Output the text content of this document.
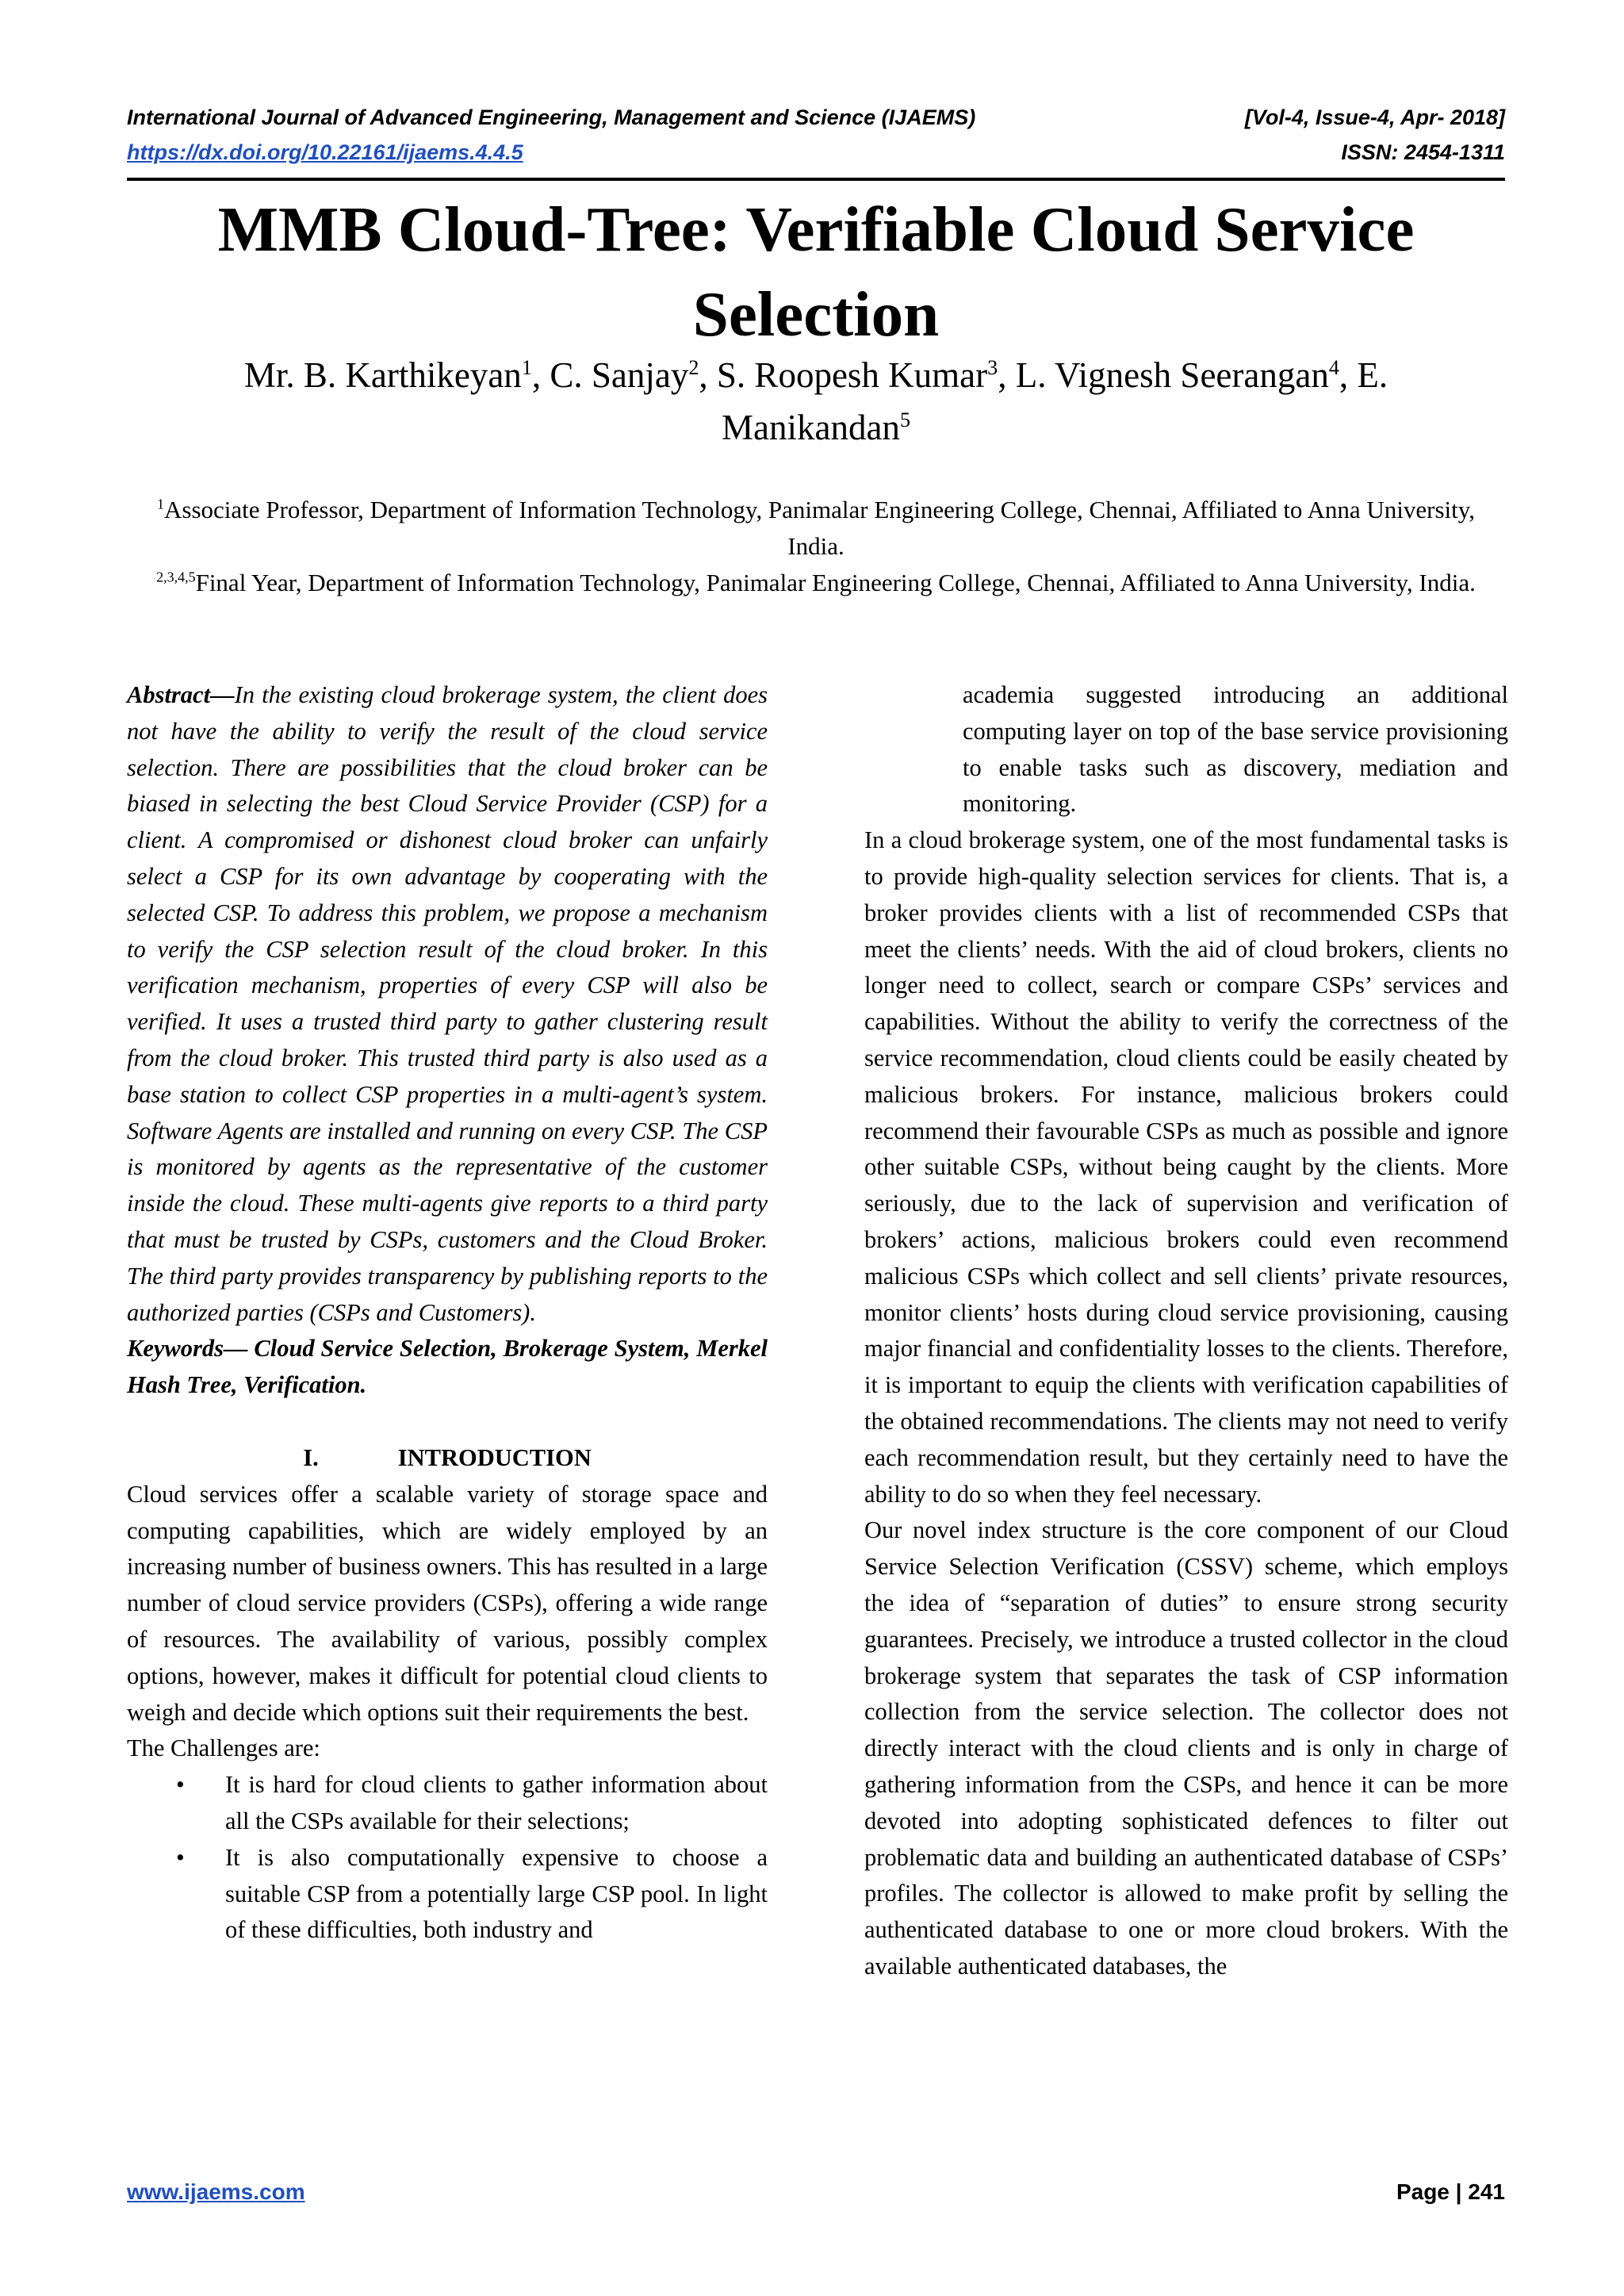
International Journal of Advanced Engineering, Management and Science (IJAEMS)	[Vol-4, Issue-4, Apr- 2018]
https://dx.doi.org/10.22161/ijaems.4.4.5	ISSN: 2454-1311
MMB Cloud-Tree: Verifiable Cloud Service Selection
Mr. B. Karthikeyan$^1$, C. Sanjay$^2$, S. Roopesh Kumar$^3$, L. Vignesh Seerangan$^4$, E. Manikandan$^5$

$^1$Associate Professor, Department of Information Technology, Panimalar Engineering College, Chennai, Affiliated to Anna University, India.

$^{2,3,4,5}$Final Year, Department of Information Technology, Panimalar Engineering College, Chennai, Affiliated to Anna University, India.

Abstract—In the existing cloud brokerage system, the client does not have the ability to verify the result of the cloud service selection. There are possibilities that the cloud broker can be biased in selecting the best Cloud Service Provider (CSP) for a client. A compromised or dishonest cloud broker can unfairly select a CSP for its own advantage by cooperating with the selected CSP. To address this problem, we propose a mechanism to verify the CSP selection result of the cloud broker. In this verification mechanism, properties of every CSP will also be verified. It uses a trusted third party to gather clustering result from the cloud broker. This trusted third party is also used as a base station to collect CSP properties in a multi-agent’s system. Software Agents are installed and running on every CSP. The CSP is monitored by agents as the representative of the customer inside the cloud. These multi-agents give reports to a third party that must be trusted by CSPs, customers and the Cloud Broker. The third party provides transparency by publishing reports to the authorized parties (CSPs and Customers).

Keywords— Cloud Service Selection, Brokerage System, Merkel Hash Tree, Verification.

I.	INTRODUCTION

Cloud services offer a scalable variety of storage space and computing capabilities, which are widely employed by an increasing number of business owners. This has resulted in a large number of cloud service providers (CSPs), offering a wide range of resources. The availability of various, possibly complex options, however, makes it difficult for potential cloud clients to weigh and decide which options suit their requirements the best.

The Challenges are:

• It is hard for cloud clients to gather information about all the CSPs available for their selections;
• It is also computationally expensive to choose a suitable CSP from a potentially large CSP pool. In light of these difficulties, both industry and

academia suggested introducing an additional computing layer on top of the base service provisioning to enable tasks such as discovery, mediation and monitoring.

In a cloud brokerage system, one of the most fundamental tasks is to provide high-quality selection services for clients. That is, a broker provides clients with a list of recommended CSPs that meet the clients’ needs. With the aid of cloud brokers, clients no longer need to collect, search or compare CSPs’ services and capabilities. Without the ability to verify the correctness of the service recommendation, cloud clients could be easily cheated by malicious brokers. For instance, malicious brokers could recommend their favourable CSPs as much as possible and ignore other suitable CSPs, without being caught by the clients. More seriously, due to the lack of supervision and verification of brokers’ actions, malicious brokers could even recommend malicious CSPs which collect and sell clients’ private resources, monitor clients’ hosts during cloud service provisioning, causing major financial and confidentiality losses to the clients. Therefore, it is important to equip the clients with verification capabilities of the obtained recommendations. The clients may not need to verify each recommendation result, but they certainly need to have the ability to do so when they feel necessary.

Our novel index structure is the core component of our Cloud Service Selection Verification (CSSV) scheme, which employs the idea of “separation of duties” to ensure strong security guarantees. Precisely, we introduce a trusted collector in the cloud brokerage system that separates the task of CSP information collection from the service selection. The collector does not directly interact with the cloud clients and is only in charge of gathering information from the CSPs, and hence it can be more devoted into adopting sophisticated defences to filter out problematic data and building an authenticated database of CSPs’ profiles. The collector is allowed to make profit by selling the authenticated database to one or more cloud brokers. With the available authenticated databases, the

www.ijaems.com	Page | 241
